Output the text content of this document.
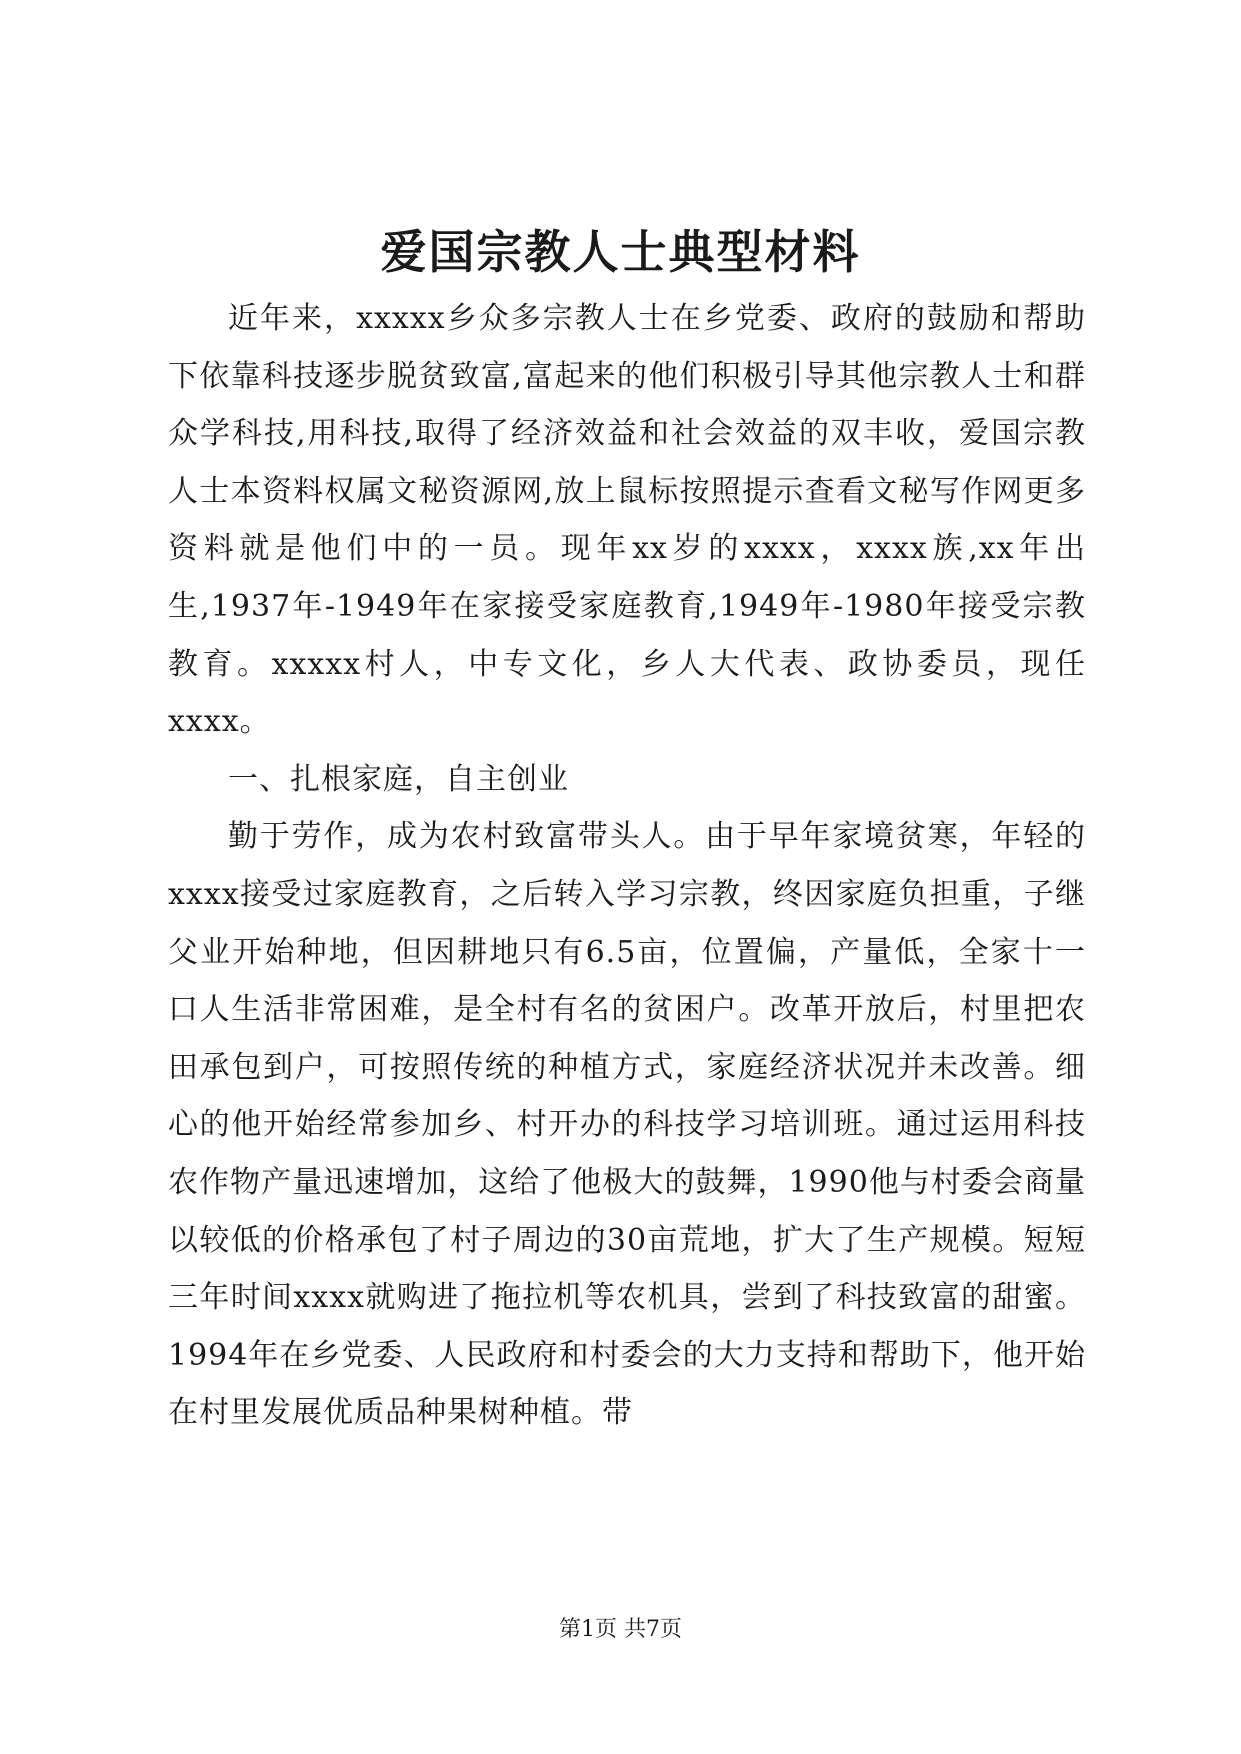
爱国宗教人士典型材料

近年来，xxxxx乡众多宗教人士在乡党委、政府的鼓励和帮助下依靠科技逐步脱贫致富,富起来的他们积极引导其他宗教人士和群众学科技,用科技,取得了经济效益和社会效益的双丰收，爱国宗教人士本资料权属文秘资源网,放上鼠标按照提示查看文秘写作网更多资料就是他们中的一员。现年xx岁的xxxx，xxxx族,xx年出生,1937年-1949年在家接受家庭教育,1949年-1980年接受宗教教育。xxxxx村人，中专文化，乡人大代表、政协委员，现任xxxx。

一、扎根家庭，自主创业

勤于劳作，成为农村致富带头人。由于早年家境贫寒，年轻的xxxx接受过家庭教育，之后转入学习宗教，终因家庭负担重，子继父业开始种地，但因耕地只有6.5亩，位置偏，产量低，全家十一口人生活非常困难，是全村有名的贫困户。改革开放后，村里把农田承包到户，可按照传统的种植方式，家庭经济状况并未改善。细心的他开始经常参加乡、村开办的科技学习培训班。通过运用科技农作物产量迅速增加，这给了他极大的鼓舞，1990他与村委会商量以较低的价格承包了村子周边的30亩荒地，扩大了生产规模。短短三年时间xxxx就购进了拖拉机等农机具，尝到了科技致富的甜蜜。1994年在乡党委、人民政府和村委会的大力支持和帮助下，他开始在村里发展优质品种果树种植。带

第1页 共7页
